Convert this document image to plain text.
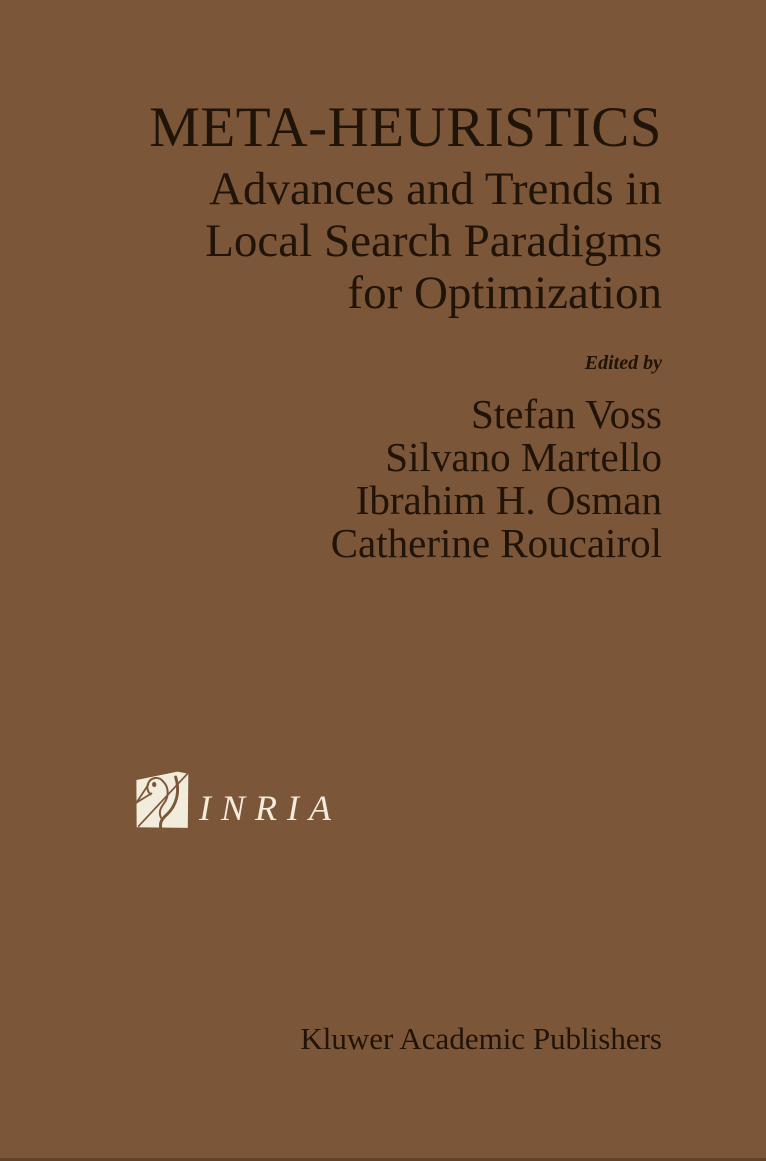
META-HEURISTICS
Advances and Trends in
Local Search Paradigms
for Optimization
Edited by
Stefan Voss
Silvano Martello
Ibrahim H. Osman
Catherine Roucairol
INRIA
Kluwer Academic Publishers
